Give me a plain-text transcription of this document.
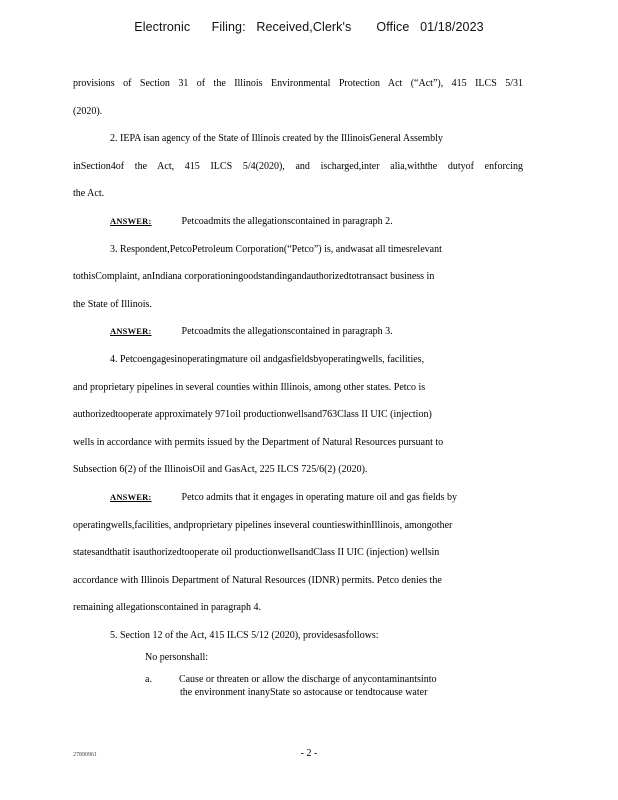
Electronic      Filing:   Received,Clerk's       Office   01/18/2023
provisions of Section 31 of the Illinois Environmental Protection Act (“Act”), 415 ILCS 5/31
(2020).
2. IEPA isan agency of the State of Illinois created by the IllinoisGeneral Assembly
inSection4of the Act, 415 ILCS 5/4(2020), and ischarged,inter alia,withthe dutyof enforcing
the Act.
ANSWER:	Petcoadmits the allegationscontained in paragraph 2.
3. Respondent,PetcoPetroleum Corporation(“Petco”) is, andwasat all timesrelevant
tothisComplaint, anIndiana corporationingoodstandingandauthorizedtotransact business in
the State of Illinois.
ANSWER:	Petcoadmits the allegationscontained in paragraph 3.
4. Petcoengagesinoperatingmature oil andgasfieldsbyoperatingwells, facilities,
and proprietary pipelines in several counties within Illinois, among other states. Petco is
authorizedtooperate approximately 971oil productionwellsand763Class II UIC (injection)
wells in accordance with permits issued by the Department of Natural Resources pursuant to
Subsection 6(2) of the IllinoisOil and GasAct, 225 ILCS 725/6(2) (2020).
ANSWER:	Petco admits that it engages in operating mature oil and gas fields by
operatingwells,facilities, andproprietary pipelines inseveral countieswithinIllinois, amongother
statesandthatit isauthorizedtooperate oil productionwellsandClass II UIC (injection) wellsin
accordance with Illinois Department of Natural Resources (IDNR) permits. Petco denies the
remaining allegationscontained in paragraph 4.
5. Section 12 of the Act, 415 ILCS 5/12 (2020), providesasfollows:
No personshall:
a.	Cause or threaten or allow the discharge of anycontaminantsinto
the environment inanyState so astocause or tendtocause water
27890961	- 2 -
